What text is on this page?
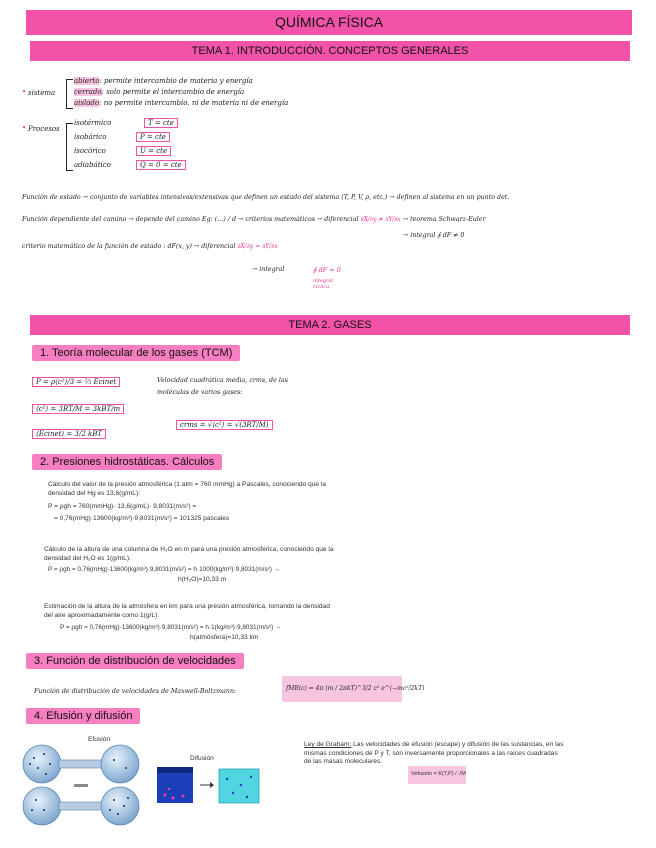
QUÍMICA FÍSICA
TEMA 1. INTRODUCCIÓN. CONCEPTOS GENERALES
• sistema
abierto: permite intercambio de materia y energía
cerrado: solo permite el intercambio de energía
aislado: no permite intercambio, ni de materia ni de energía
• Procesos
isotérmico	T = cte
isobárico	P = cte
isocórico	U = cte
adiabático	Q = 0 = cte
Función de estado → conjunto de variables intensivas/extensivas que definen un estado del sistema (T, P, V, ρ, etc.) → definen al sistema en un punto det.
Función dependiente del camino → depende del camino Eg: (…) / d → criterios matemáticos → diferencial ∂X/∂y ≠ ∂Y/∂x → teorema Schwarz-Euler
→ integral ∮ dF ≠ 0
criterio matemático de la función de estado : dF(x, y) → diferencial ∂X/∂y = ∂Y/∂x
→ integral	∮ dF = 0
integral cíclica
TEMA 2. GASES
1. Teoría molecular de los gases (TCM)
P = ρ⟨c²⟩/3 = ⅔ Ecinet
⟨c²⟩ = 3RT/M = 3kBT/m
⟨Ecinet⟩ = 3/2 kBT
Velocidad cuadrática media, crms, de las moléculas de varios gases:
crms = √⟨c²⟩ = √(3RT/M)
2. Presiones hidrostáticas. Cálculos
Cálculo del valor de la presión atmosférica (1 atm = 760 mmHg) a Pascales, conociendo que la densidad del Hg es 13,6(g/mL):
P = ρgh = 760(mmHg)· 13,6(g/mL)· 9,8031(m/s²) =
= 0,76(mHg)·13600(kg/m³)·9,8031(m/s²) = 101325 pascales
Cálculo de la altura de una columna de H₂O en m para una presión atmosférica, conociendo que la densidad del H₂O es 1(g/mL):
P = ρgh = 0,76(mHg)·13600(kg/m³)·9,8031(m/s²) = h·1000(kg/m³)·9,8031(m/s²) →
h(H₂O)=10,33 m
Estimación de la altura de la atmósfera en km para una presión atmosférica, tomando la densidad del aire aproximadamente como 1(g/L):
P = ρgh = 0,76(mHg)·13600(kg/m³)·9,8031(m/s²) = h·1(kg/m³)·9,8031(m/s²) →
h(atmósfera)=10,33 km
3. Función de distribución de velocidades
Función de distribución de velocidades de Maxwell-Boltzmann:	fMB(c) = 4π (m / 2πkT)^3/2 c² e^(−mc²/2kT)
4. Efusión y difusión
Efusión
Difusión
Ley de Graham: Las velocidades de efusión (escape) y difusión de las sustancias, en las mismas condiciones de P y T, son inversamente proporcionales a las raíces cuadradas de las masas moleculares.
Vefusión = K(T,P) / √M
